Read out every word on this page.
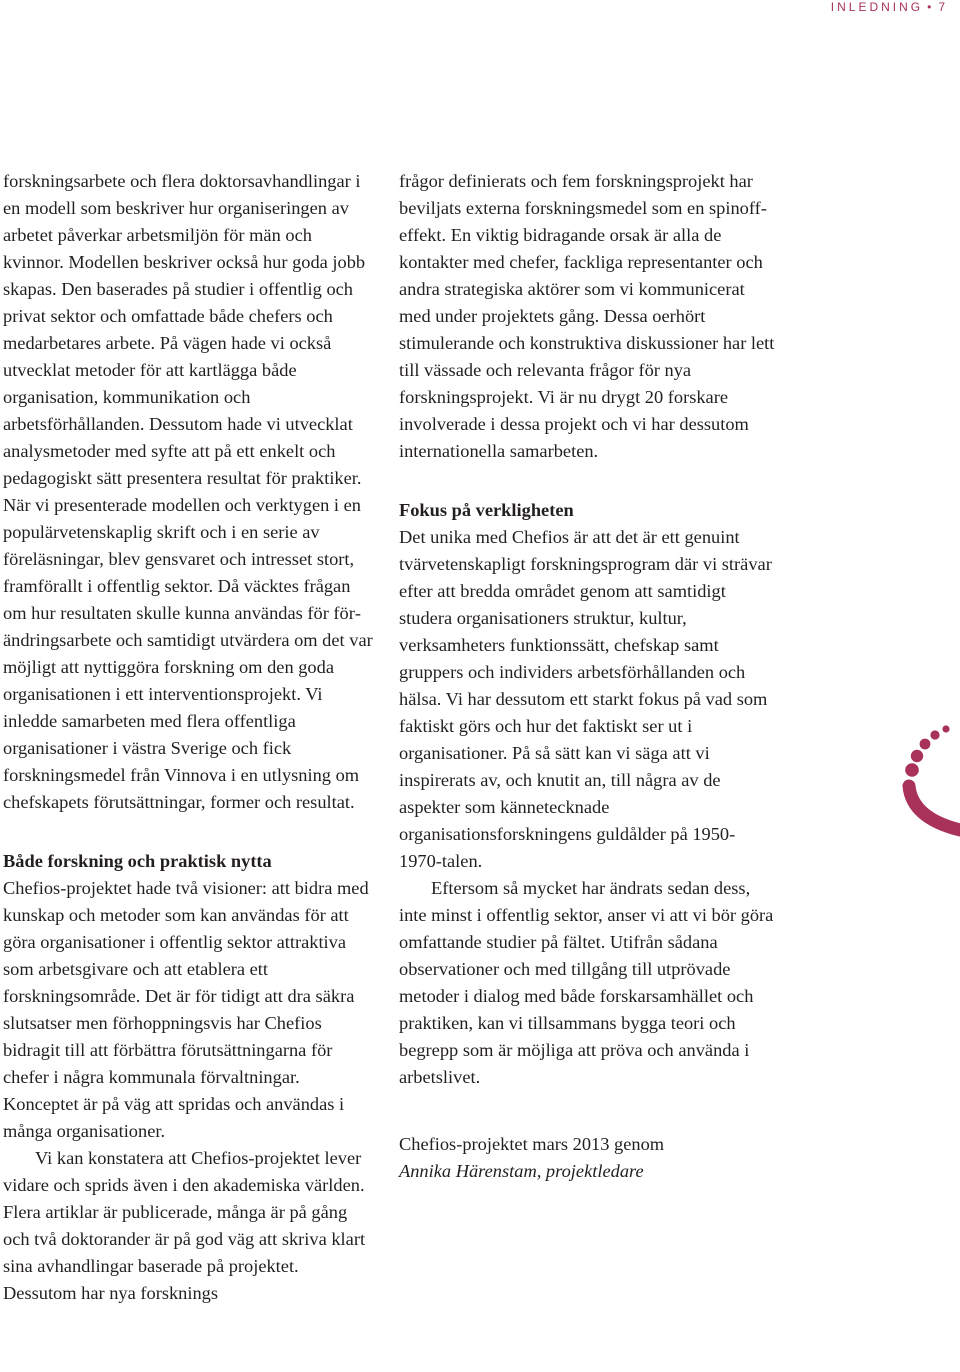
INLEDNING • 7

forskningsarbete och flera doktorsavhandlingar i en modell som beskriver hur organiseringen av arbetet påverkar arbetsmiljön för män och kvinnor. Modellen beskriver också hur goda jobb skapas. Den baserades på studier i offentlig och privat sektor och omfattade både chefers och medarbetares arbete. På vägen hade vi också utvecklat metoder för att kartlägga både organisation, kommunikation och arbetsförhållanden. Dessutom hade vi utvecklat analysmetoder med syfte att på ett enkelt och pedagogiskt sätt presentera resultat för praktiker. När vi presenterade modellen och verktygen i en populärvetenskaplig skrift och i en serie av föreläsningar, blev gensvaret och intresset stort, framförallt i offentlig sektor. Då väcktes frågan om hur resultaten skulle kunna användas för förändringsarbete och samtidigt utvärdera om det var möjligt att nyttiggöra forskning om den goda organisationen i ett interventionsprojekt. Vi inledde samarbeten med flera offentliga organisationer i västra Sverige och fick forskningsmedel från Vinnova i en utlysning om chefskapets förutsättningar, former och resultat.

Både forskning och praktisk nytta

Chefios-projektet hade två visioner: att bidra med kunskap och metoder som kan användas för att göra organisationer i offentlig sektor attraktiva som arbetsgivare och att etablera ett forskningsområde. Det är för tidigt att dra säkra slutsatser men förhoppningsvis har Chefios bidragit till att förbättra förutsättningarna för chefer i några kommunala förvaltningar. Konceptet är på väg att spridas och användas i många organisationer.

Vi kan konstatera att Chefios-projektet lever vidare och sprids även i den akademiska världen. Flera artiklar är publicerade, många är på gång och två doktorander är på god väg att skriva klart sina avhandlingar baserade på projektet. Dessutom har nya forsknings

frågor definierats och fem forskningsprojekt har beviljats externa forskningsmedel som en spinoff-effekt. En viktig bidragande orsak är alla de kontakter med chefer, fackliga representanter och andra strategiska aktörer som vi kommunicerat med under projektets gång. Dessa oerhört stimulerande och konstruktiva diskussioner har lett till vässade och relevanta frågor för nya forskningsprojekt. Vi är nu drygt 20 forskare involverade i dessa projekt och vi har dessutom internationella samarbeten.

Fokus på verkligheten

Det unika med Chefios är att det är ett genuint tvärvetenskapligt forskningsprogram där vi strävar efter att bredda området genom att samtidigt studera organisationers struktur, kultur, verksamheters funktionssätt, chefskap samt gruppers och individers arbetsförhållanden och hälsa. Vi har dessutom ett starkt fokus på vad som faktiskt görs och hur det faktiskt ser ut i organisationer. På så sätt kan vi säga att vi inspirerats av, och knutit an, till några av de aspekter som kännetecknade organisationsforskningens guldålder på 1950-1970-talen.

Eftersom så mycket har ändrats sedan dess, inte minst i offentlig sektor, anser vi att vi bör göra omfattande studier på fältet. Utifrån sådana observationer och med tillgång till utprövade metoder i dialog med både forskarsamhället och praktiken, kan vi tillsammans bygga teori och begrepp som är möjliga att pröva och använda i arbetslivet.

Chefios-projektet mars 2013 genom

Annika Härenstam, projektledare
